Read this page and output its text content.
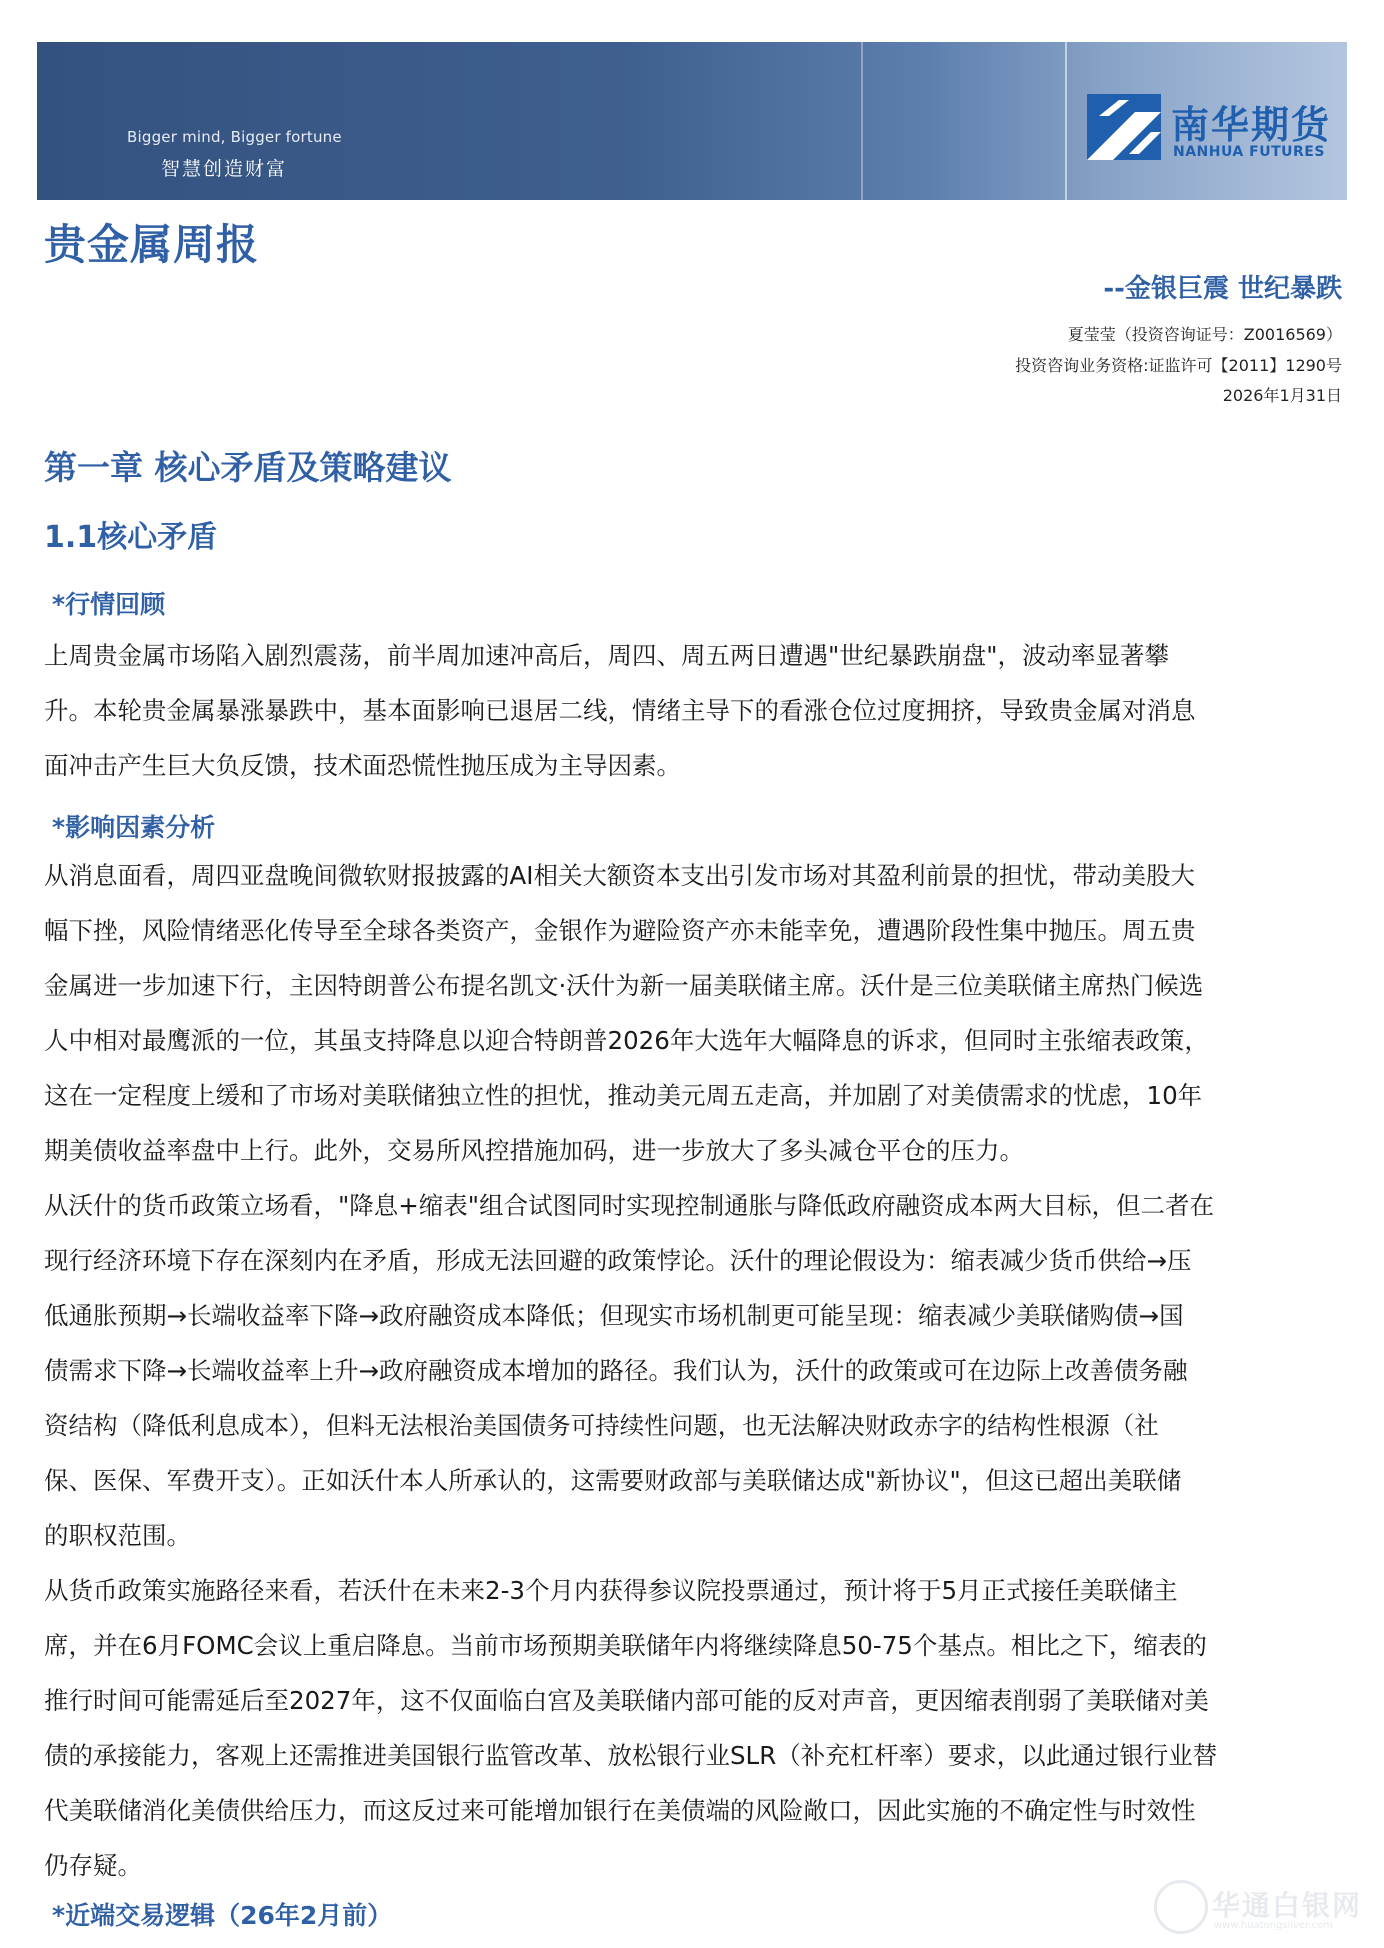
Bigger mind, Bigger fortune
智慧创造财富
南华期货
NANHUA FUTURES
贵金属周报
--金银巨震 世纪暴跌
夏莹莹（投资咨询证号：Z0016569）
投资咨询业务资格:证监许可【2011】1290号
2026年1月31日
第一章 核心矛盾及策略建议
1.1核心矛盾
*行情回顾
上周贵金属市场陷入剧烈震荡，前半周加速冲高后，周四、周五两日遭遇"世纪暴跌崩盘"，波动率显著攀
升。本轮贵金属暴涨暴跌中，基本面影响已退居二线，情绪主导下的看涨仓位过度拥挤，导致贵金属对消息
面冲击产生巨大负反馈，技术面恐慌性抛压成为主导因素。
*影响因素分析
从消息面看，周四亚盘晚间微软财报披露的AI相关大额资本支出引发市场对其盈利前景的担忧，带动美股大
幅下挫，风险情绪恶化传导至全球各类资产，金银作为避险资产亦未能幸免，遭遇阶段性集中抛压。周五贵
金属进一步加速下行，主因特朗普公布提名凯文·沃什为新一届美联储主席。沃什是三位美联储主席热门候选
人中相对最鹰派的一位，其虽支持降息以迎合特朗普2026年大选年大幅降息的诉求，但同时主张缩表政策，
这在一定程度上缓和了市场对美联储独立性的担忧，推动美元周五走高，并加剧了对美债需求的忧虑，10年
期美债收益率盘中上行。此外，交易所风控措施加码，进一步放大了多头减仓平仓的压力。
从沃什的货币政策立场看，"降息+缩表"组合试图同时实现控制通胀与降低政府融资成本两大目标，但二者在
现行经济环境下存在深刻内在矛盾，形成无法回避的政策悖论。沃什的理论假设为：缩表减少货币供给→压
低通胀预期→长端收益率下降→政府融资成本降低；但现实市场机制更可能呈现：缩表减少美联储购债→国
债需求下降→长端收益率上升→政府融资成本增加的路径。我们认为，沃什的政策或可在边际上改善债务融
资结构（降低利息成本），但料无法根治美国债务可持续性问题，也无法解决财政赤字的结构性根源（社
保、医保、军费开支）。正如沃什本人所承认的，这需要财政部与美联储达成"新协议"，但这已超出美联储
的职权范围。
从货币政策实施路径来看，若沃什在未来2-3个月内获得参议院投票通过，预计将于5月正式接任美联储主
席，并在6月FOMC会议上重启降息。当前市场预期美联储年内将继续降息50-75个基点。相比之下，缩表的
推行时间可能需延后至2027年，这不仅面临白宫及美联储内部可能的反对声音，更因缩表削弱了美联储对美
债的承接能力，客观上还需推进美国银行监管改革、放松银行业SLR（补充杠杆率）要求，以此通过银行业替
代美联储消化美债供给压力，而这反过来可能增加银行在美债端的风险敞口，因此实施的不确定性与时效性
仍存疑。
*近端交易逻辑（26年2月前）	华通白银网
www.huatongsilver.com
